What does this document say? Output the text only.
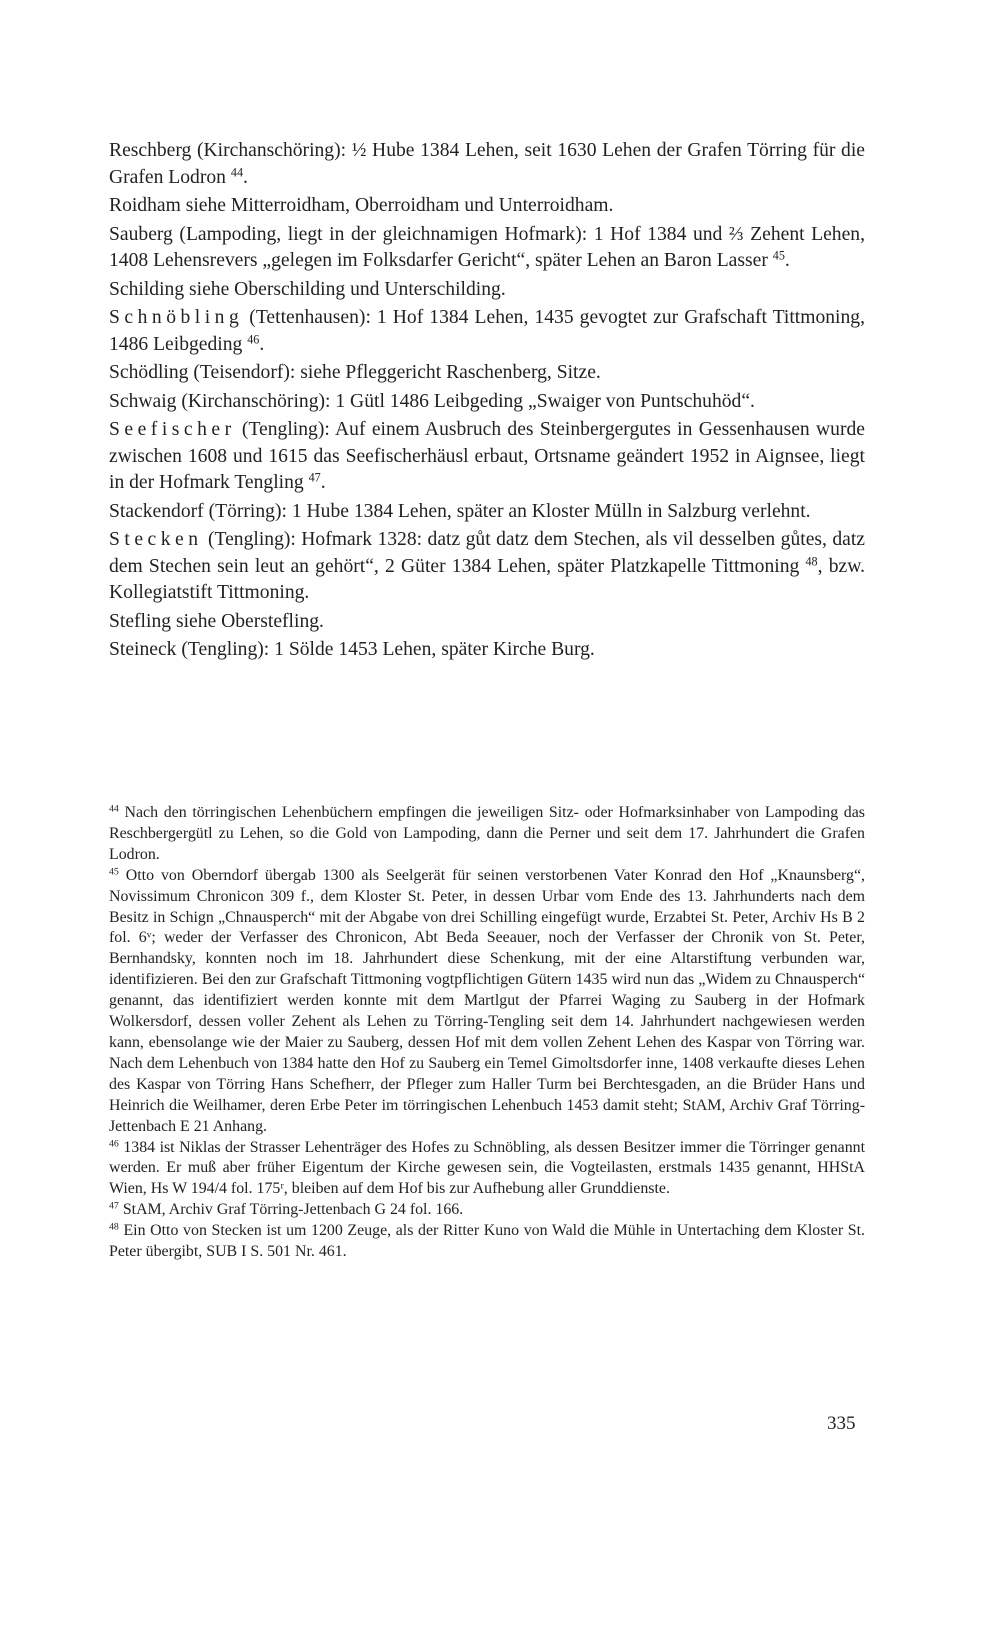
Reschberg (Kirchanschöring): ½ Hube 1384 Lehen, seit 1630 Lehen der Grafen Törring für die Grafen Lodron $^{44}$.

Roidham siehe Mitterroidham, Oberroidham und Unterroidham.

Sauberg (Lampoding, liegt in der gleichnamigen Hofmark): 1 Hof 1384 und ⅔ Zehent Lehen, 1408 Lehensrevers „gelegen im Folksdarfer Gericht“, später Lehen an Baron Lasser $^{45}$.

Schilding siehe Oberschilding und Unterschilding.

Schnöbling (Tettenhausen): 1 Hof 1384 Lehen, 1435 gevogtet zur Grafschaft Tittmoning, 1486 Leibgeding $^{46}$.

Schödling (Teisendorf): siehe Pfleggericht Raschenberg, Sitze.

Schwaig (Kirchanschöring): 1 Gütl 1486 Leibgeding „Swaiger von Puntschuhöd“.

Seefischer (Tengling): Auf einem Ausbruch des Steinbergergutes in Gessenhausen wurde zwischen 1608 und 1615 das Seefischerhäusl erbaut, Ortsname geändert 1952 in Aignsee, liegt in der Hofmark Tengling $^{47}$.

Stackendorf (Törring): 1 Hube 1384 Lehen, später an Kloster Mülln in Salzburg verlehnt.

Stecken (Tengling): Hofmark 1328: datz gůt datz dem Stechen, als vil desselben gůtes, datz dem Stechen sein leut an gehört“, 2 Güter 1384 Lehen, später Platzkapelle Tittmoning $^{48}$, bzw. Kollegiatstift Tittmoning.

Stefling siehe Oberstefling.

Steineck (Tengling): 1 Sölde 1453 Lehen, später Kirche Burg.

$^{44}$ Nach den törringischen Lehenbüchern empfingen die jeweiligen Sitz- oder Hofmarksinhaber von Lampoding das Reschbergergütl zu Lehen, so die Gold von Lampoding, dann die Perner und seit dem 17. Jahrhundert die Grafen Lodron.

$^{45}$ Otto von Oberndorf übergab 1300 als Seelgerät für seinen verstorbenen Vater Konrad den Hof „Knaunsberg“, Novissimum Chronicon 309 f., dem Kloster St. Peter, in dessen Urbar vom Ende des 13. Jahrhunderts nach dem Besitz in Schign „Chnausperch“ mit der Abgabe von drei Schilling eingefügt wurde, Erzabtei St. Peter, Archiv Hs B 2 fol. 6ᵛ; weder der Verfasser des Chronicon, Abt Beda Seeauer, noch der Verfasser der Chronik von St. Peter, Bernhandsky, konnten noch im 18. Jahrhundert diese Schenkung, mit der eine Altarstiftung verbunden war, identifizieren. Bei den zur Grafschaft Tittmoning vogtpflichtigen Gütern 1435 wird nun das „Widem zu Chnausperch“ genannt, das identifiziert werden konnte mit dem Martlgut der Pfarrei Waging zu Sauberg in der Hofmark Wolkersdorf, dessen voller Zehent als Lehen zu Törring-Tengling seit dem 14. Jahrhundert nachgewiesen werden kann, ebensolange wie der Maier zu Sauberg, dessen Hof mit dem vollen Zehent Lehen des Kaspar von Törring war. Nach dem Lehenbuch von 1384 hatte den Hof zu Sauberg ein Temel Gimoltsdorfer inne, 1408 verkaufte dieses Lehen des Kaspar von Törring Hans Schefherr, der Pfleger zum Haller Turm bei Berchtesgaden, an die Brüder Hans und Heinrich die Weilhamer, deren Erbe Peter im törringischen Lehenbuch 1453 damit steht; StAM, Archiv Graf Törring-Jettenbach E 21 Anhang.

$^{46}$ 1384 ist Niklas der Strasser Lehenträger des Hofes zu Schnöbling, als dessen Besitzer immer die Törringer genannt werden. Er muß aber früher Eigentum der Kirche gewesen sein, die Vogteilasten, erstmals 1435 genannt, HHStA Wien, Hs W 194/4 fol. 175ʳ, bleiben auf dem Hof bis zur Aufhebung aller Grunddienste.

$^{47}$ StAM, Archiv Graf Törring-Jettenbach G 24 fol. 166.

$^{48}$ Ein Otto von Stecken ist um 1200 Zeuge, als der Ritter Kuno von Wald die Mühle in Untertaching dem Kloster St. Peter übergibt, SUB I S. 501 Nr. 461.

335
